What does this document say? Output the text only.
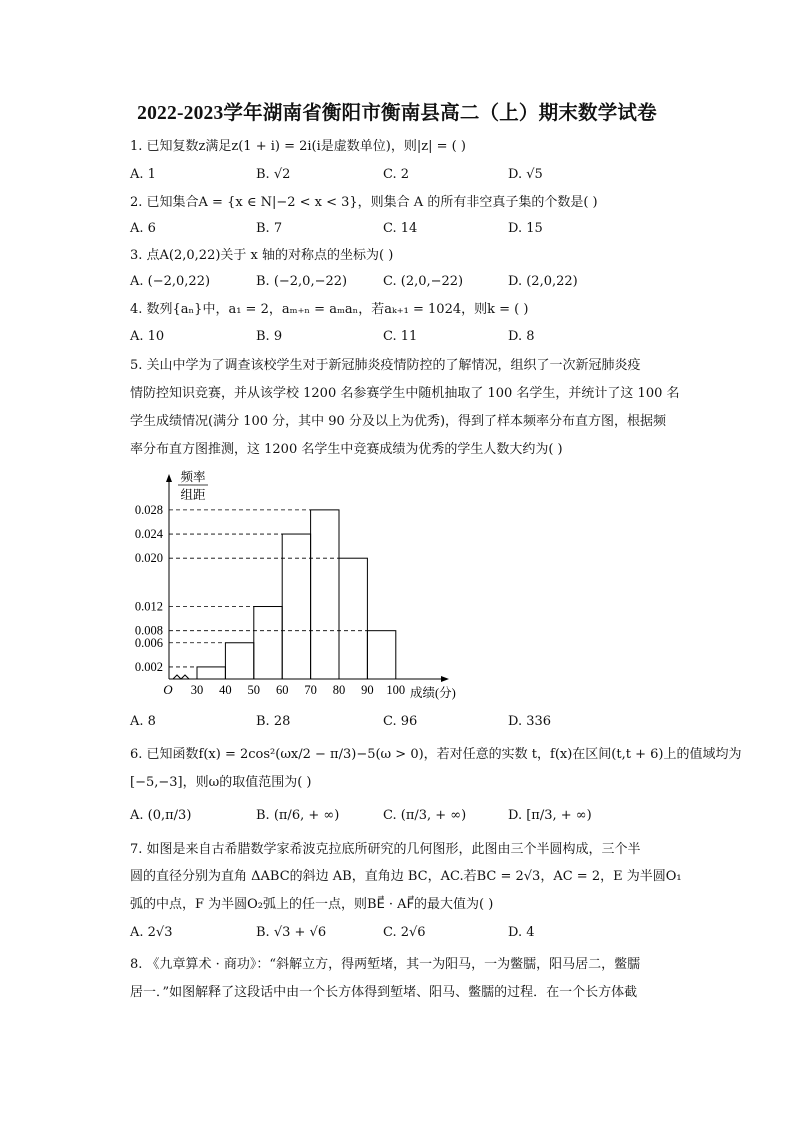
2022-2023学年湖南省衡阳市衡南县高二（上）期末数学试卷
1. 已知复数z满足z(1 + i) = 2i(i是虚数单位)，则|z| = ( )
A. 1	B. √2	C. 2	D. √5
2. 已知集合A = {x ∈ N|−2 < x < 3}，则集合 A 的所有非空真子集的个数是( )
A. 6	B. 7	C. 14	D. 15
3. 点A(2,0,22)关于 x 轴的对称点的坐标为( )
A. (−2,0,22)	B. (−2,0,−22)	C. (2,0,−22)	D. (2,0,22)
4. 数列{aₙ}中，a₁ = 2，aₘ₊ₙ = aₘaₙ，若aₖ₊₁ = 1024，则k = ( )
A. 10	B. 9	C. 11	D. 8
5. 关山中学为了调查该校学生对于新冠肺炎疫情防控的了解情况，组织了一次新冠肺炎疫
情防控知识竞赛，并从该学校 1200 名参赛学生中随机抽取了 100 名学生，并统计了这 100 名
学生成绩情况(满分 100 分，其中 90 分及以上为优秀)，得到了样本频率分布直方图，根据频
率分布直方图推测，这 1200 名学生中竞赛成绩为优秀的学生人数大约为( )
A. 8	B. 28	C. 96	D. 336
6. 已知函数f(x) = 2cos²(ωx/2 − π/3)−5(ω > 0)，若对任意的实数 t，f(x)在区间(t,t + 6)上的值域均为
[−5,−3]，则ω的取值范围为( )
A. (0,π/3)	B. (π/6, + ∞)	C. (π/3, + ∞)	D. [π/3, + ∞)
7. 如图是来自古希腊数学家希波克拉底所研究的几何图形，此图由三个半圆构成，三个半
圆的直径分别为直角 ΔABC的斜边 AB，直角边 BC，AC.若BC = 2√3，AC = 2，E 为半圆O₁
弧的中点，F 为半圆O₂弧上的任一点，则BE⃗ · AF⃗的最大值为( )
A. 2√3	B. √3 + √6	C. 2√6	D. 4
8. 《九章算术 · 商功》：“斜解立方，得两堑堵，其一为阳马，一为鳖臑，阳马居二，鳖臑
居一．”如图解释了这段话中由一个长方体得到堑堵、阳马、鳖臑的过程．在一个长方体截
0.002
0.006
0.008
0.012
0.020
0.024
0.028
30 40 50 60 70 80 90 100
O
频率
组距
成绩(分)
